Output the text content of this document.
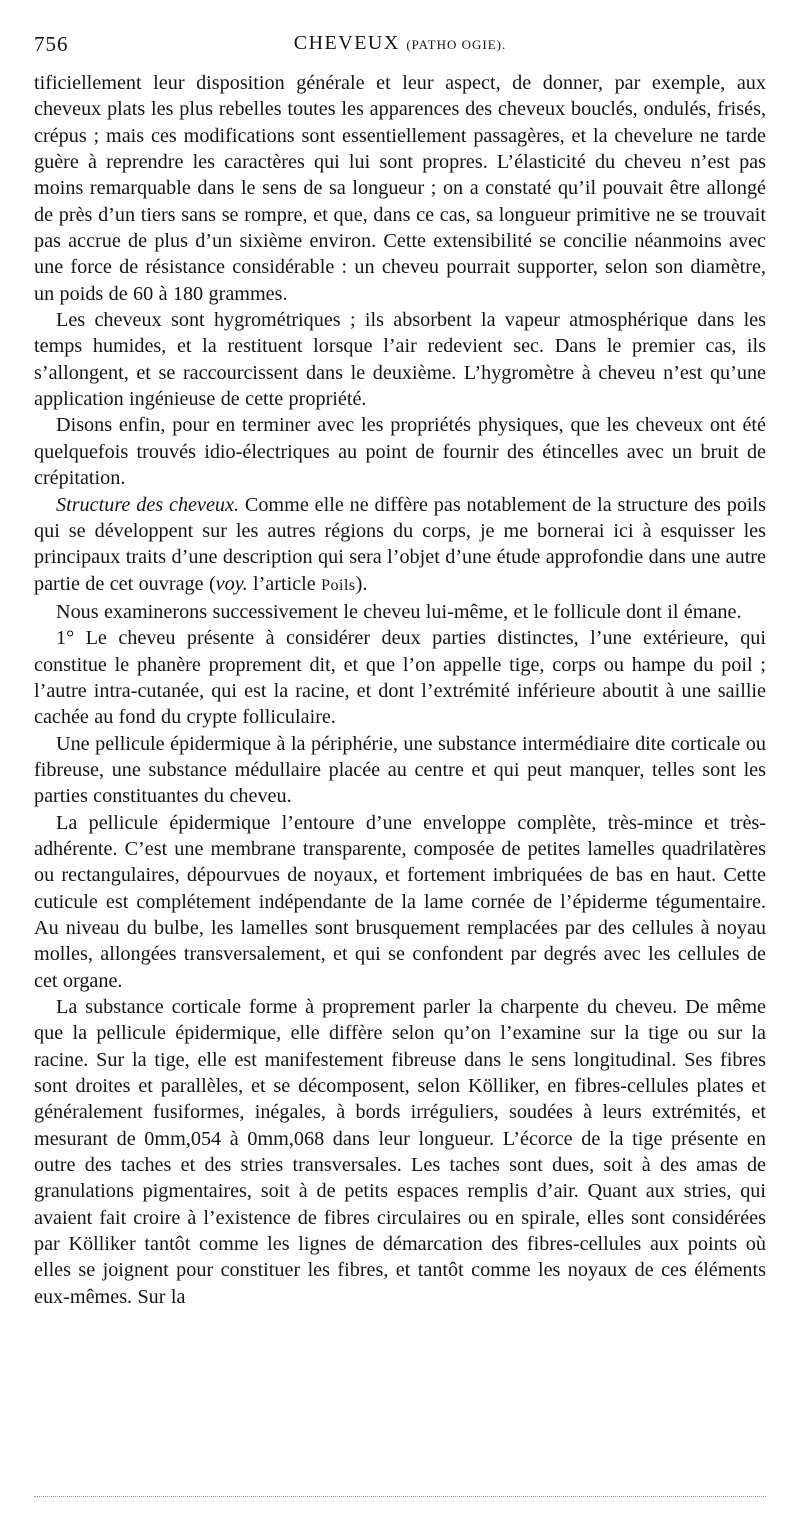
756	CHEVEUX (PATHO OGIE).

tificiellement leur disposition générale et leur aspect, de donner, par exemple, aux cheveux plats les plus rebelles toutes les apparences des cheveux bouclés, ondulés, frisés, crépus ; mais ces modifications sont essentiellement passagères, et la chevelure ne tarde guère à reprendre les caractères qui lui sont propres. L’élasticité du cheveu n’est pas moins remarquable dans le sens de sa longueur ; on a constaté qu’il pouvait être allongé de près d’un tiers sans se rompre, et que, dans ce cas, sa longueur primitive ne se trouvait pas accrue de plus d’un sixième environ. Cette extensibilité se concilie néanmoins avec une force de résistance considérable : un cheveu pourrait supporter, selon son diamètre, un poids de 60 à 180 grammes.

Les cheveux sont hygrométriques ; ils absorbent la vapeur atmosphérique dans les temps humides, et la restituent lorsque l’air redevient sec. Dans le premier cas, ils s’allongent, et se raccourcissent dans le deuxième. L’hygromètre à cheveu n’est qu’une application ingénieuse de cette propriété.

Disons enfin, pour en terminer avec les propriétés physiques, que les cheveux ont été quelquefois trouvés idio-électriques au point de fournir des étincelles avec un bruit de crépitation.

Structure des cheveux. Comme elle ne diffère pas notablement de la structure des poils qui se développent sur les autres régions du corps, je me bornerai ici à esquisser les principaux traits d’une description qui sera l’objet d’une étude approfondie dans une autre partie de cet ouvrage (voy. l’article Poils).

Nous examinerons successivement le cheveu lui-même, et le follicule dont il émane.

1° Le cheveu présente à considérer deux parties distinctes, l’une extérieure, qui constitue le phanère proprement dit, et que l’on appelle tige, corps ou hampe du poil ; l’autre intra-cutanée, qui est la racine, et dont l’extrémité inférieure aboutit à une saillie cachée au fond du crypte folliculaire.

Une pellicule épidermique à la périphérie, une substance intermédiaire dite corticale ou fibreuse, une substance médullaire placée au centre et qui peut manquer, telles sont les parties constituantes du cheveu.

La pellicule épidermique l’entoure d’une enveloppe complète, très-mince et très-adhérente. C’est une membrane transparente, composée de petites lamelles quadrilatères ou rectangulaires, dépourvues de noyaux, et fortement imbriquées de bas en haut. Cette cuticule est complétement indépendante de la lame cornée de l’épiderme tégumentaire. Au niveau du bulbe, les lamelles sont brusquement remplacées par des cellules à noyau molles, allongées transversalement, et qui se confondent par degrés avec les cellules de cet organe.

La substance corticale forme à proprement parler la charpente du cheveu. De même que la pellicule épidermique, elle diffère selon qu’on l’examine sur la tige ou sur la racine. Sur la tige, elle est manifestement fibreuse dans le sens longitudinal. Ses fibres sont droites et parallèles, et se décomposent, selon Kölliker, en fibres-cellules plates et généralement fusiformes, inégales, à bords irréguliers, soudées à leurs extrémités, et mesurant de 0mm,054 à 0mm,068 dans leur longueur. L’écorce de la tige présente en outre des taches et des stries transversales. Les taches sont dues, soit à des amas de granulations pigmentaires, soit à de petits espaces remplis d’air. Quant aux stries, qui avaient fait croire à l’existence de fibres circulaires ou en spirale, elles sont considérées par Kölliker tantôt comme les lignes de démarcation des fibres-cellules aux points où elles se joignent pour constituer les fibres, et tantôt comme les noyaux de ces éléments eux-mêmes. Sur la
